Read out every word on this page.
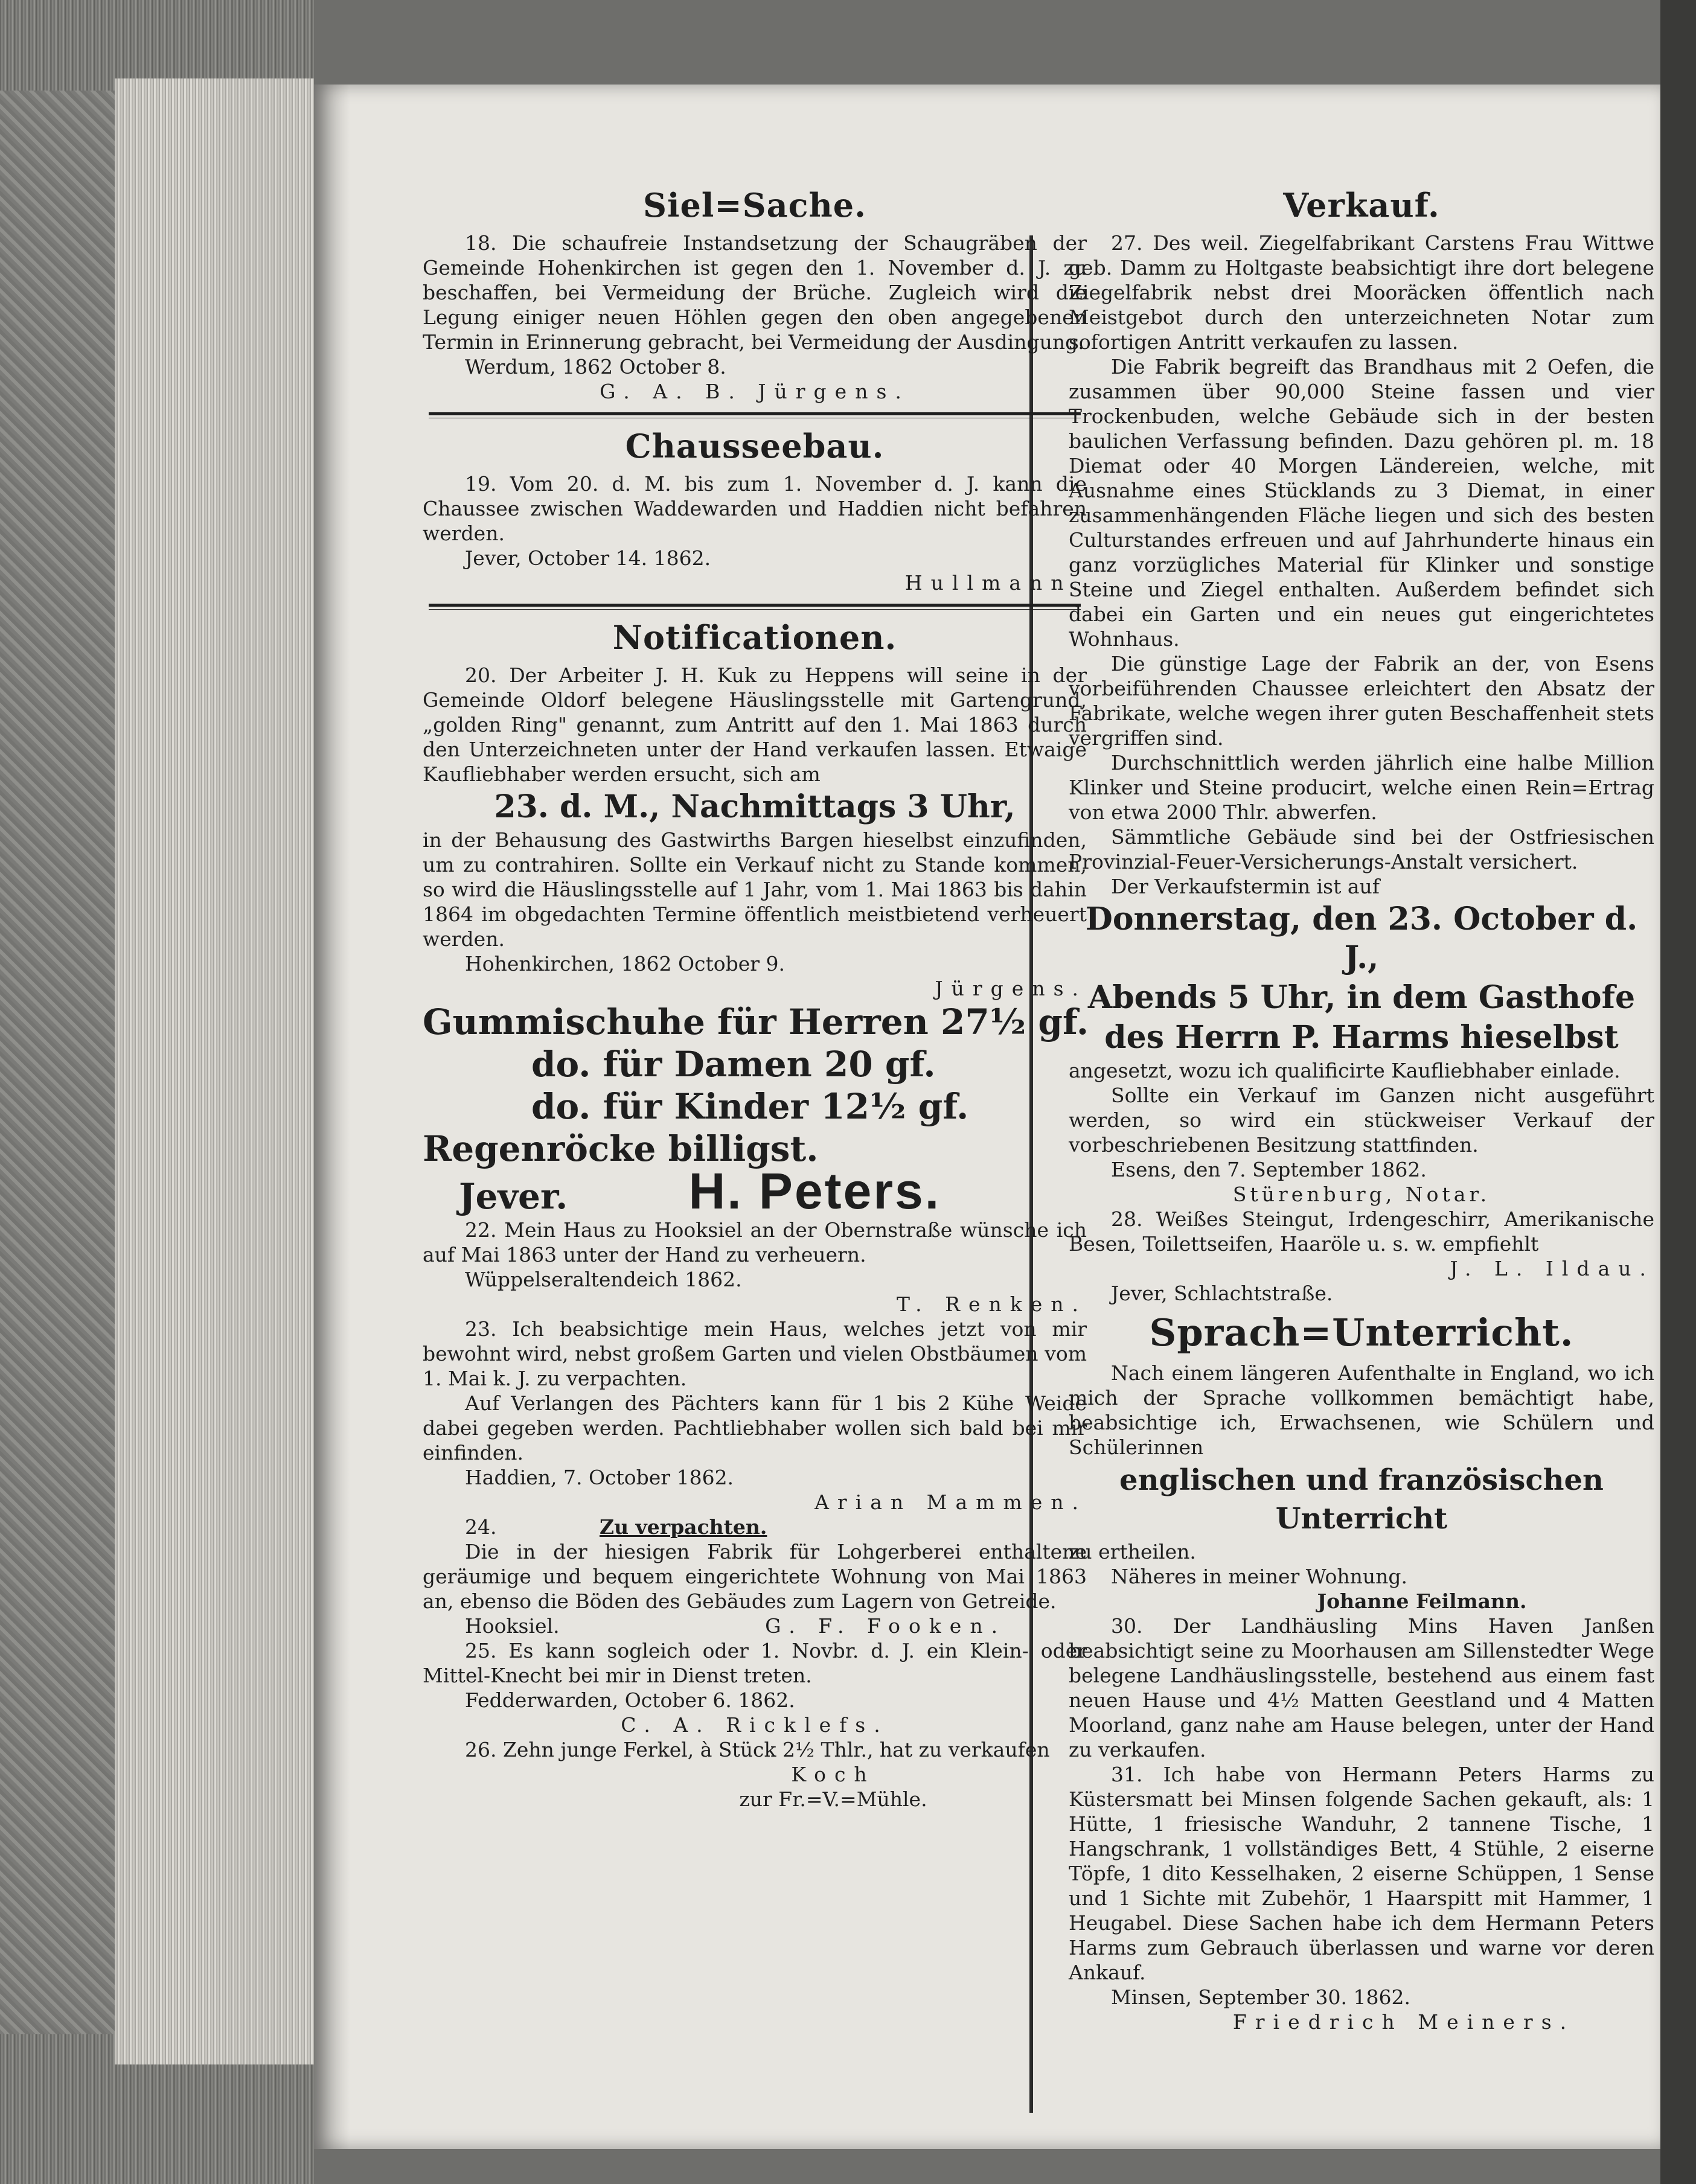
Siel=Sache.

18. Die schaufreie Instandsetzung der Schaugräben der Gemeinde Hohenkirchen ist gegen den 1. November d. J. zu beschaffen, bei Vermeidung der Brüche. Zugleich wird die Legung einiger neuen Höhlen gegen den oben angegebenen Termin in Erinnerung gebracht, bei Vermeidung der Ausdingung.

Werdum, 1862 October 8.

G. A. B. Jürgens.

Chausseebau.

19. Vom 20. d. M. bis zum 1. November d. J. kann die Chaussee zwischen Waddewarden und Haddien nicht befahren werden.

Jever, October 14. 1862.

Hullmann.

Notificationen.

20. Der Arbeiter J. H. Kuk zu Heppens will seine in der Gemeinde Oldorf belegene Häuslingsstelle mit Gartengrund, „golden Ring" genannt, zum Antritt auf den 1. Mai 1863 durch den Unterzeichneten unter der Hand verkaufen lassen. Etwaige Kaufliebhaber werden ersucht, sich am

23. d. M., Nachmittags 3 Uhr,

in der Behausung des Gastwirths Bargen hieselbst einzufinden, um zu contrahiren. Sollte ein Verkauf nicht zu Stande kommen, so wird die Häuslingsstelle auf 1 Jahr, vom 1. Mai 1863 bis dahin 1864 im obgedachten Termine öffentlich meistbietend verheuert werden.

Hohenkirchen, 1862 October 9.

Jürgens.

Gummischuhe für Herren 27½ gf.

do. für Damen 20 gf.

do. für Kinder 12½ gf.

Regenröcke billigst.

Jever. H. Peters.

22. Mein Haus zu Hooksiel an der Obernstraße wünsche ich auf Mai 1863 unter der Hand zu verheuern.

Wüppelseraltendeich 1862.

T. Renken.

23. Ich beabsichtige mein Haus, welches jetzt von mir bewohnt wird, nebst großem Garten und vielen Obstbäumen vom 1. Mai k. J. zu verpachten.

Auf Verlangen des Pächters kann für 1 bis 2 Kühe Weide dabei gegeben werden. Pachtliebhaber wollen sich bald bei mir einfinden.

Haddien, 7. October 1862.

Arian Mammen.

24.	Zu verpachten.

Die in der hiesigen Fabrik für Lohgerberei enthaltene geräumige und bequem eingerichtete Wohnung von Mai 1863 an, ebenso die Böden des Gebäudes zum Lagern von Getreide.

Hooksiel.	G. F. Fooken.

25. Es kann sogleich oder 1. Novbr. d. J. ein Klein- oder Mittel-Knecht bei mir in Dienst treten.

Fedderwarden, October 6. 1862.

C. A. Ricklefs.

26. Zehn junge Ferkel, à Stück 2½ Thlr., hat zu verkaufen

Koch

zur Fr.=V.=Mühle.

Verkauf.

27. Des weil. Ziegelfabrikant Carstens Frau Wittwe geb. Damm zu Holtgaste beabsichtigt ihre dort belegene Ziegelfabrik nebst drei Mooräcken öffentlich nach Meistgebot durch den unterzeichneten Notar zum sofortigen Antritt verkaufen zu lassen.

Die Fabrik begreift das Brandhaus mit 2 Oefen, die zusammen über 90,000 Steine fassen und vier Trockenbuden, welche Gebäude sich in der besten baulichen Verfassung befinden. Dazu gehören pl. m. 18 Diemat oder 40 Morgen Ländereien, welche, mit Ausnahme eines Stücklands zu 3 Diemat, in einer zusammenhängenden Fläche liegen und sich des besten Culturstandes erfreuen und auf Jahrhunderte hinaus ein ganz vorzügliches Material für Klinker und sonstige Steine und Ziegel enthalten. Außerdem befindet sich dabei ein Garten und ein neues gut eingerichtetes Wohnhaus.

Die günstige Lage der Fabrik an der, von Esens vorbeiführenden Chaussee erleichtert den Absatz der Fabrikate, welche wegen ihrer guten Beschaffenheit stets vergriffen sind.

Durchschnittlich werden jährlich eine halbe Million Klinker und Steine producirt, welche einen Rein=Ertrag von etwa 2000 Thlr. abwerfen.

Sämmtliche Gebäude sind bei der Ostfriesischen Provinzial-Feuer-Versicherungs-Anstalt versichert.

Der Verkaufstermin ist auf

Donnerstag, den 23. October d. J.,

Abends 5 Uhr, in dem Gasthofe

des Herrn P. Harms hieselbst

angesetzt, wozu ich qualificirte Kaufliebhaber einlade.

Sollte ein Verkauf im Ganzen nicht ausgeführt werden, so wird ein stückweiser Verkauf der vorbeschriebenen Besitzung stattfinden.

Esens, den 7. September 1862.

Stürenburg, Notar.

28. Weißes Steingut, Irdengeschirr, Amerikanische Besen, Toilettseifen, Haaröle u. s. w. empfiehlt

J. L. Ildau.

Jever, Schlachtstraße.

Sprach=Unterricht.

Nach einem längeren Aufenthalte in England, wo ich mich der Sprache vollkommen bemächtigt habe, beabsichtige ich, Erwachsenen, wie Schülern und Schülerinnen

englischen und französischen Unterricht

zu ertheilen.

Näheres in meiner Wohnung.

Johanne Feilmann.

30. Der Landhäusling Mins Haven Janßen beabsichtigt seine zu Moorhausen am Sillenstedter Wege belegene Landhäuslingsstelle, bestehend aus einem fast neuen Hause und 4½ Matten Geestland und 4 Matten Moorland, ganz nahe am Hause belegen, unter der Hand zu verkaufen.

31. Ich habe von Hermann Peters Harms zu Küstersmatt bei Minsen folgende Sachen gekauft, als: 1 Hütte, 1 friesische Wanduhr, 2 tannene Tische, 1 Hangschrank, 1 vollständiges Bett, 4 Stühle, 2 eiserne Töpfe, 1 dito Kesselhaken, 2 eiserne Schüppen, 1 Sense und 1 Sichte mit Zubehör, 1 Haarspitt mit Hammer, 1 Heugabel. Diese Sachen habe ich dem Hermann Peters Harms zum Gebrauch überlassen und warne vor deren Ankauf.

Minsen, September 30. 1862.

Friedrich Meiners.
